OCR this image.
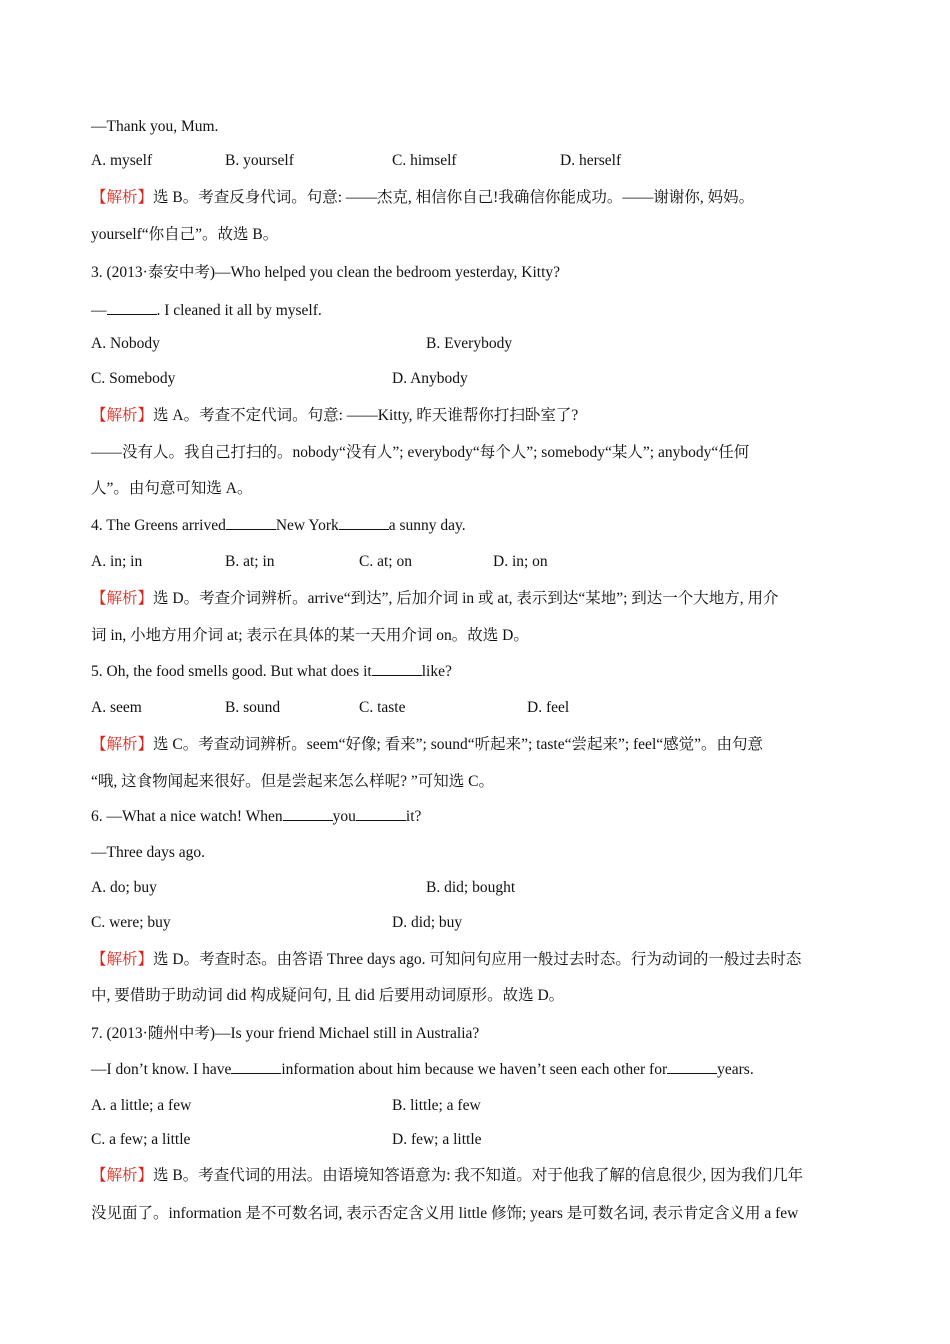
—Thank you, Mum.
A. myself	B. yourself	C. himself	D. herself
【解析】选 B。考查反身代词。句意: ——杰克, 相信你自己!我确信你能成功。——谢谢你, 妈妈。
yourself“你自己”。故选 B。
3. (2013·泰安中考)—Who helped you clean the bedroom yesterday, Kitty?
—	. I cleaned it all by myself.
A. Nobody	B. Everybody
C. Somebody	D. Anybody
【解析】选 A。考查不定代词。句意: ——Kitty, 昨天谁帮你打扫卧室了?
——没有人。我自己打扫的。nobody“没有人”; everybody“每个人”; somebody“某人”; anybody“任何
人”。由句意可知选 A。
4. The Greens arrived	New York	a sunny day.
A. in; in	B. at; in	C. at; on	D. in; on
【解析】选 D。考查介词辨析。arrive“到达”, 后加介词 in 或 at, 表示到达“某地”; 到达一个大地方, 用介
词 in, 小地方用介词 at; 表示在具体的某一天用介词 on。故选 D。
5. Oh, the food smells good. But what does it	like?
A. seem	B. sound	C. taste	D. feel
【解析】选 C。考查动词辨析。seem“好像; 看来”; sound“听起来”; taste“尝起来”; feel“感觉”。由句意
“哦, 这食物闻起来很好。但是尝起来怎么样呢? ”可知选 C。
6. —What a nice watch! When	you	it?
—Three days ago.
A. do; buy	B. did; bought
C. were; buy	D. did; buy
【解析】选 D。考查时态。由答语 Three days ago. 可知问句应用一般过去时态。行为动词的一般过去时态
中, 要借助于助动词 did 构成疑问句, 且 did 后要用动词原形。故选 D。
7. (2013·随州中考)—Is your friend Michael still in Australia?
—I don’t know. I have	information about him because we haven’t seen each other for	years.
A. a little; a few	B. little; a few
C. a few; a little	D. few; a little
【解析】选 B。考查代词的用法。由语境知答语意为: 我不知道。对于他我了解的信息很少, 因为我们几年
没见面了。information 是不可数名词, 表示否定含义用 little 修饰; years 是可数名词, 表示肯定含义用 a few
